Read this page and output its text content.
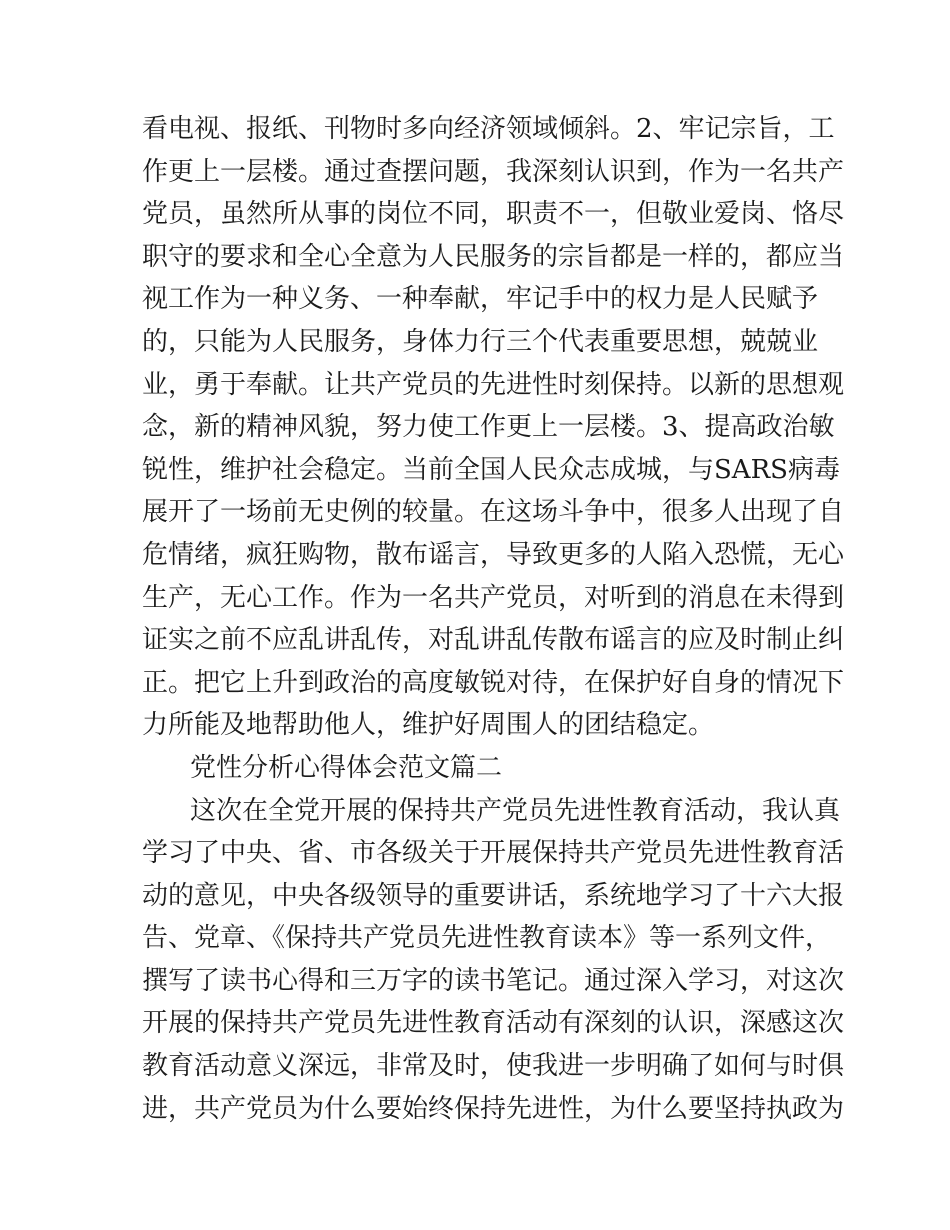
看电视、报纸、刊物时多向经济领域倾斜。2、牢记宗旨，工
作更上一层楼。通过查摆问题，我深刻认识到，作为一名共产
党员，虽然所从事的岗位不同，职责不一，但敬业爱岗、恪尽
职守的要求和全心全意为人民服务的宗旨都是一样的，都应当
视工作为一种义务、一种奉献，牢记手中的权力是人民赋予
的，只能为人民服务，身体力行三个代表重要思想，兢兢业
业，勇于奉献。让共产党员的先进性时刻保持。以新的思想观
念，新的精神风貌，努力使工作更上一层楼。3、提高政治敏
锐性，维护社会稳定。当前全国人民众志成城，与SARS病毒
展开了一场前无史例的较量。在这场斗争中，很多人出现了自
危情绪，疯狂购物，散布谣言，导致更多的人陷入恐慌，无心
生产，无心工作。作为一名共产党员，对听到的消息在未得到
证实之前不应乱讲乱传，对乱讲乱传散布谣言的应及时制止纠
正。把它上升到政治的高度敏锐对待，在保护好自身的情况下
力所能及地帮助他人，维护好周围人的团结稳定。
党性分析心得体会范文篇二
这次在全党开展的保持共产党员先进性教育活动，我认真
学习了中央、省、市各级关于开展保持共产党员先进性教育活
动的意见，中央各级领导的重要讲话，系统地学习了十六大报
告、党章、《保持共产党员先进性教育读本》等一系列文件，
撰写了读书心得和三万字的读书笔记。通过深入学习，对这次
开展的保持共产党员先进性教育活动有深刻的认识，深感这次
教育活动意义深远，非常及时，使我进一步明确了如何与时俱
进，共产党员为什么要始终保持先进性，为什么要坚持执政为
